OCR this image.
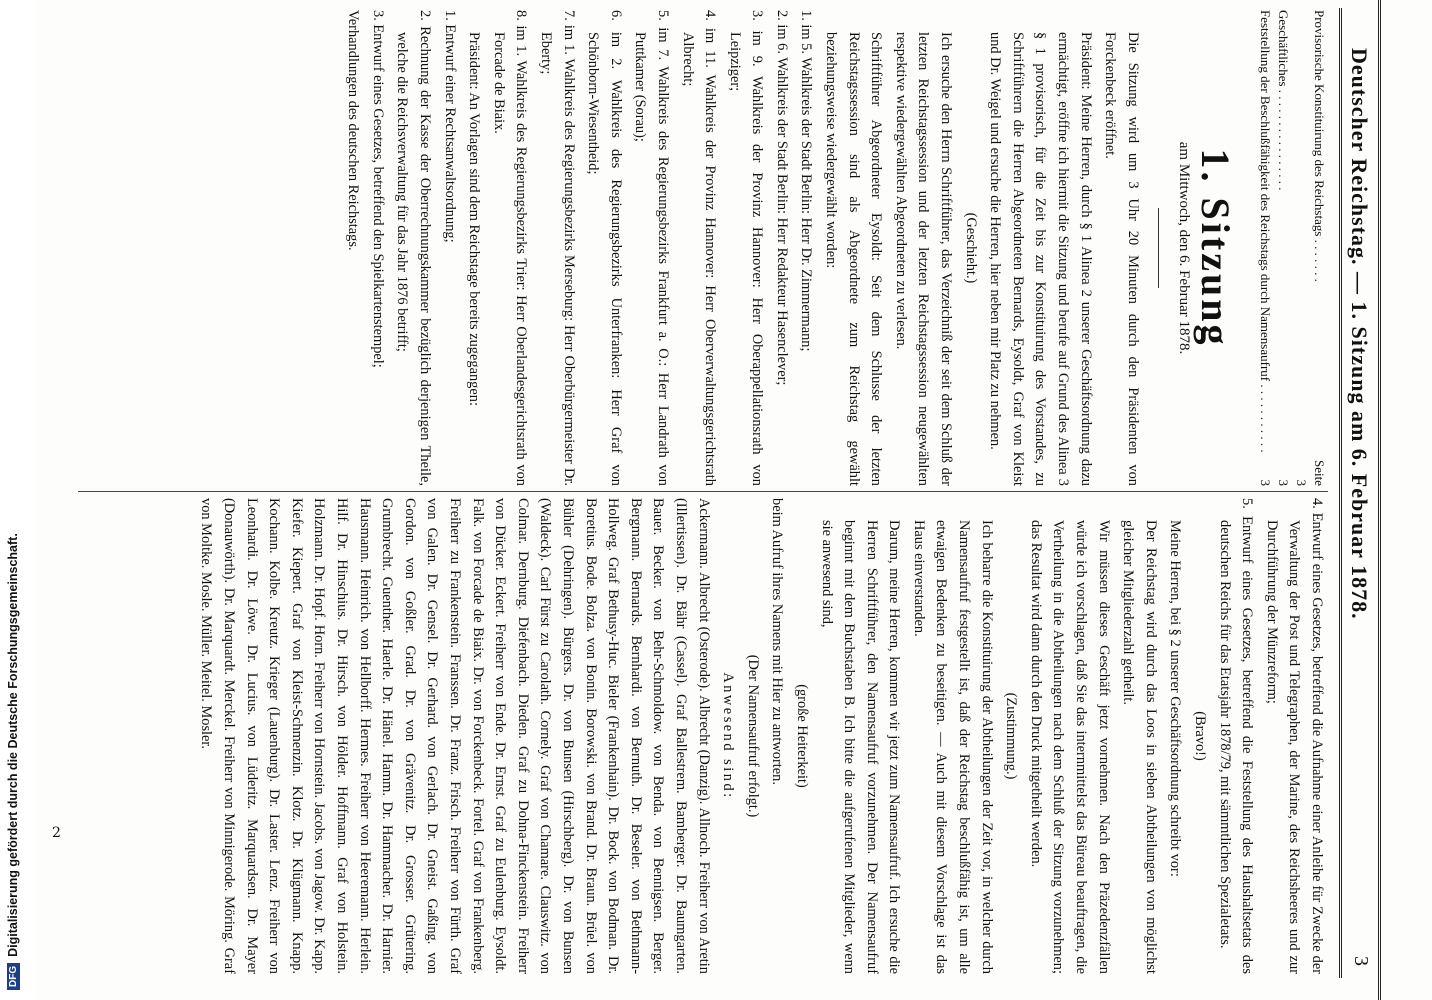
DFGDigitalisierung gefördert durch die Deutsche Forschungsgemeinschaft. 2
Deutscher Reichstag. — 1. Sitzung am 6. Februar 1878.
3
Provisorische Konstituirung des Reichstags . . . . . . .
Seite 3
Geschäftliches . . . . . . . . . . . . . . . .
3
Feststellung der Beschlußfähigkeit des Reichstags durch Namensaufruf . . . . . . . . . . .
3
1. Sitzung
am Mittwoch, den 6. Februar 1878.

Die Sitzung wird um 3 Uhr 20 Minuten durch den Präsidenten von Forckenbeck eröffnet.

Präsident: Meine Herren, durch § 1 Alinea 2 unserer Geschäftsordnung dazu ermächtigt, eröffne ich hiermit die Sitzung und berufe auf Grund des Alinea 3 § 1 provisorisch, für die Zeit bis zur Konstituirung des Vorstandes, zu Schriftführern die Herren Abgeordneten Bernards, Eysoldt, Graf von Kleist und Dr. Weigel und ersuche die Herren, hier neben mir Platz zu nehmen.

(Geschieht.)

Ich ersuche den Herrn Schriftführer, das Verzeichniß der seit dem Schluß der letzten Reichstagssession und der letzten Reichstagssession neugewählten respektive wiedergewählten Abgeordneten zu verlesen.

Schriftführer Abgeordneter Eysoldt: Seit dem Schlusse der letzten Reichstagssession sind als Abgeordnete zum Reichstag gewählt beziehungsweise wiedergewählt worden:

1. im 5. Wahlkreis der Stadt Berlin: Herr Dr. Zimmermann;

2. im 6. Wahlkreis der Stadt Berlin: Herr Redakteur Hasenclever;

3. im 9. Wahlkreis der Provinz Hannover: Herr Oberappellationsrath von Leipziger;

4. im 11. Wahlkreis der Provinz Hannover: Herr Oberverwaltungsgerichtsrath Albrecht;

5. im 7. Wahlkreis des Regierungsbezirks Frankfurt a. O.: Herr Landrath von Puttkamer (Sorau);

6. im 2. Wahlkreis des Regierungsbezirks Unterfranken: Herr Graf von Schönborn-Wiesentheid;

7. im 1. Wahlkreis des Regierungsbezirks Merseburg: Herr Oberbürgermeister Dr. Eberty;

8. im 1. Wahlkreis des Regierungsbezirks Trier: Herr Oberlandesgerichtsrath von Forcade de Biaix.

Präsident: An Vorlagen sind dem Reichstage bereits zugegangen:

1. Entwurf einer Rechtsanwaltsordnung;

2. Rechnung der Kasse der Oberrechnungskammer bezüglich derjenigen Theile, welche die Reichsverwaltung für das Jahr 1876 betrifft;

3. Entwurf eines Gesetzes, betreffend den Spielkartenstempel;

Verhandlungen des deutschen Reichstags.

4. Entwurf eines Gesetzes, betreffend die Aufnahme einer Anleihe für Zwecke der Verwaltung der Post und Telegraphen, der Marine, des Reichsheeres und zur Durchführung der Münzreform;

5. Entwurf eines Gesetzes, betreffend die Feststellung des Haushaltsetats des deutschen Reichs für das Etatsjahr 1878/79, mit sämmtlichen Spezialetats.

(Bravo!)

Meine Herren, bei § 2 unserer Geschäftsordnung schreibt vor:

Der Reichstag wird durch das Loos in sieben Abtheilungen von möglichst gleicher Mitgliederzahl getheilt.

Wir müssen dieses Geschäft jetzt vornehmen. Nach den Präzedenzfällen würde ich vorschlagen, daß Sie das internmittelst das Büreau beauftragen, die Vertheilung in die Abtheilungen nach dem Schluß der Sitzung vorzunehmen; das Resultat wird dann durch den Druck mitgetheilt werden.

(Zustimmung.)

Ich beharre die Konstituirung der Abtheilungen der Zeit vor, in welcher durch Namensaufruf festgestellt ist, daß der Reichstag beschlußfähig ist, um alle etwaigen Bedenken zu beseitigen. — Auch mit diesem Vorschlage ist das Haus einverstanden.

Darum, meine Herren, kommen wir jetzt zum Namensaufruf. Ich ersuche die Herren Schriftführer, den Namensaufruf vorzunehmen. Der Namensaufruf beginnt mit dem Buchstaben B. Ich bitte die aufgerufenen Mitglieder, wenn sie anwesend sind,

(große Heiterkeit)

beim Aufruf ihres Namens mit Hier zu antworten.

(Der Namensaufruf erfolgt.)

Anwesend sind:

Ackermann. Albrecht (Osterode). Albrecht (Danzig). Allnoch. Freiherr von Aretin (Illertissen). Dr. Bähr (Cassel). Graf Ballestrem. Bamberger. Dr. Baumgarten. Bauer. Becker. von Behr-Schmoldow. von Benda. von Bennigsen. Berger. Bergmann. Bernards. Bernhardi. von Bernuth. Dr. Beseler. von Bethmann-Hollweg. Graf Bethusy-Huc. Bieler (Frankenhain). Dr. Bock. von Bodman. Dr. Boretius. Bode. Bolza. von Bonin. Borowski. von Brand. Dr. Braun. Brüel. von Bühler (Dehringen). Bürgers. Dr. von Bunsen (Hirschberg). Dr. von Bunsen (Waldeck). Carl Fürst zu Carolath. Cornely. Graf von Chamare. Clauswitz. von Colmar. Dernburg. Diefenbach. Dieden. Graf zu Dohna-Finckenstein. Freiherr von Dücker. Eckert. Freiherr von Ende. Dr. Ernst. Graf zu Eulenburg. Eysoldt. Falk. von Forcade de Biaix. Dr. von Forckenbeck. Fortel. Graf von Frankenberg. Freiherr zu Frankenstein. Franssen. Dr. Franz. Frisch. Freiherr von Fürth. Graf von Galen. Dr. Gensel. Dr. Gerhard. von Gerlach. Dr. Gneist. Gaßing. von Gordon. von Goßler. Grad. Dr. von Grävenitz. Dr. Grosser. Grütering. Grumbrecht. Guenther. Haerle. Dr. Hänel. Hamm. Dr. Hammacher. Dr. Harnier. Hausmann. Heinrich. von Hellborff. Hermes. Freiherr von Heeremann. Herlein. Hilf. Dr. Hinschius. Dr. Hirsch. von Hölder. Hoffmann. Graf von Holstein. Holzmann. Dr. Hopf. Horn. Freiherr von Hornstein. Jacobs. von Jagow. Dr. Kapp. Kiefer. Kiepert. Graf von Kleist-Schmenzin. Klotz. Dr. Klügmann. Knapp. Kochann. Kolbe. Kreutz. Krieger (Lauenburg). Dr. Laster. Lenz. Freiherr von Leonhardi. Dr. Löwe. Dr. Lucius. von Lüderitz. Marquardsen. Dr. Mayer (Donauwörth). Dr. Marquardt. Merckel. Freiherr von Minnigerode. Möring. Graf von Moltke. Mosle. Müller. Meitel. Mosler.
